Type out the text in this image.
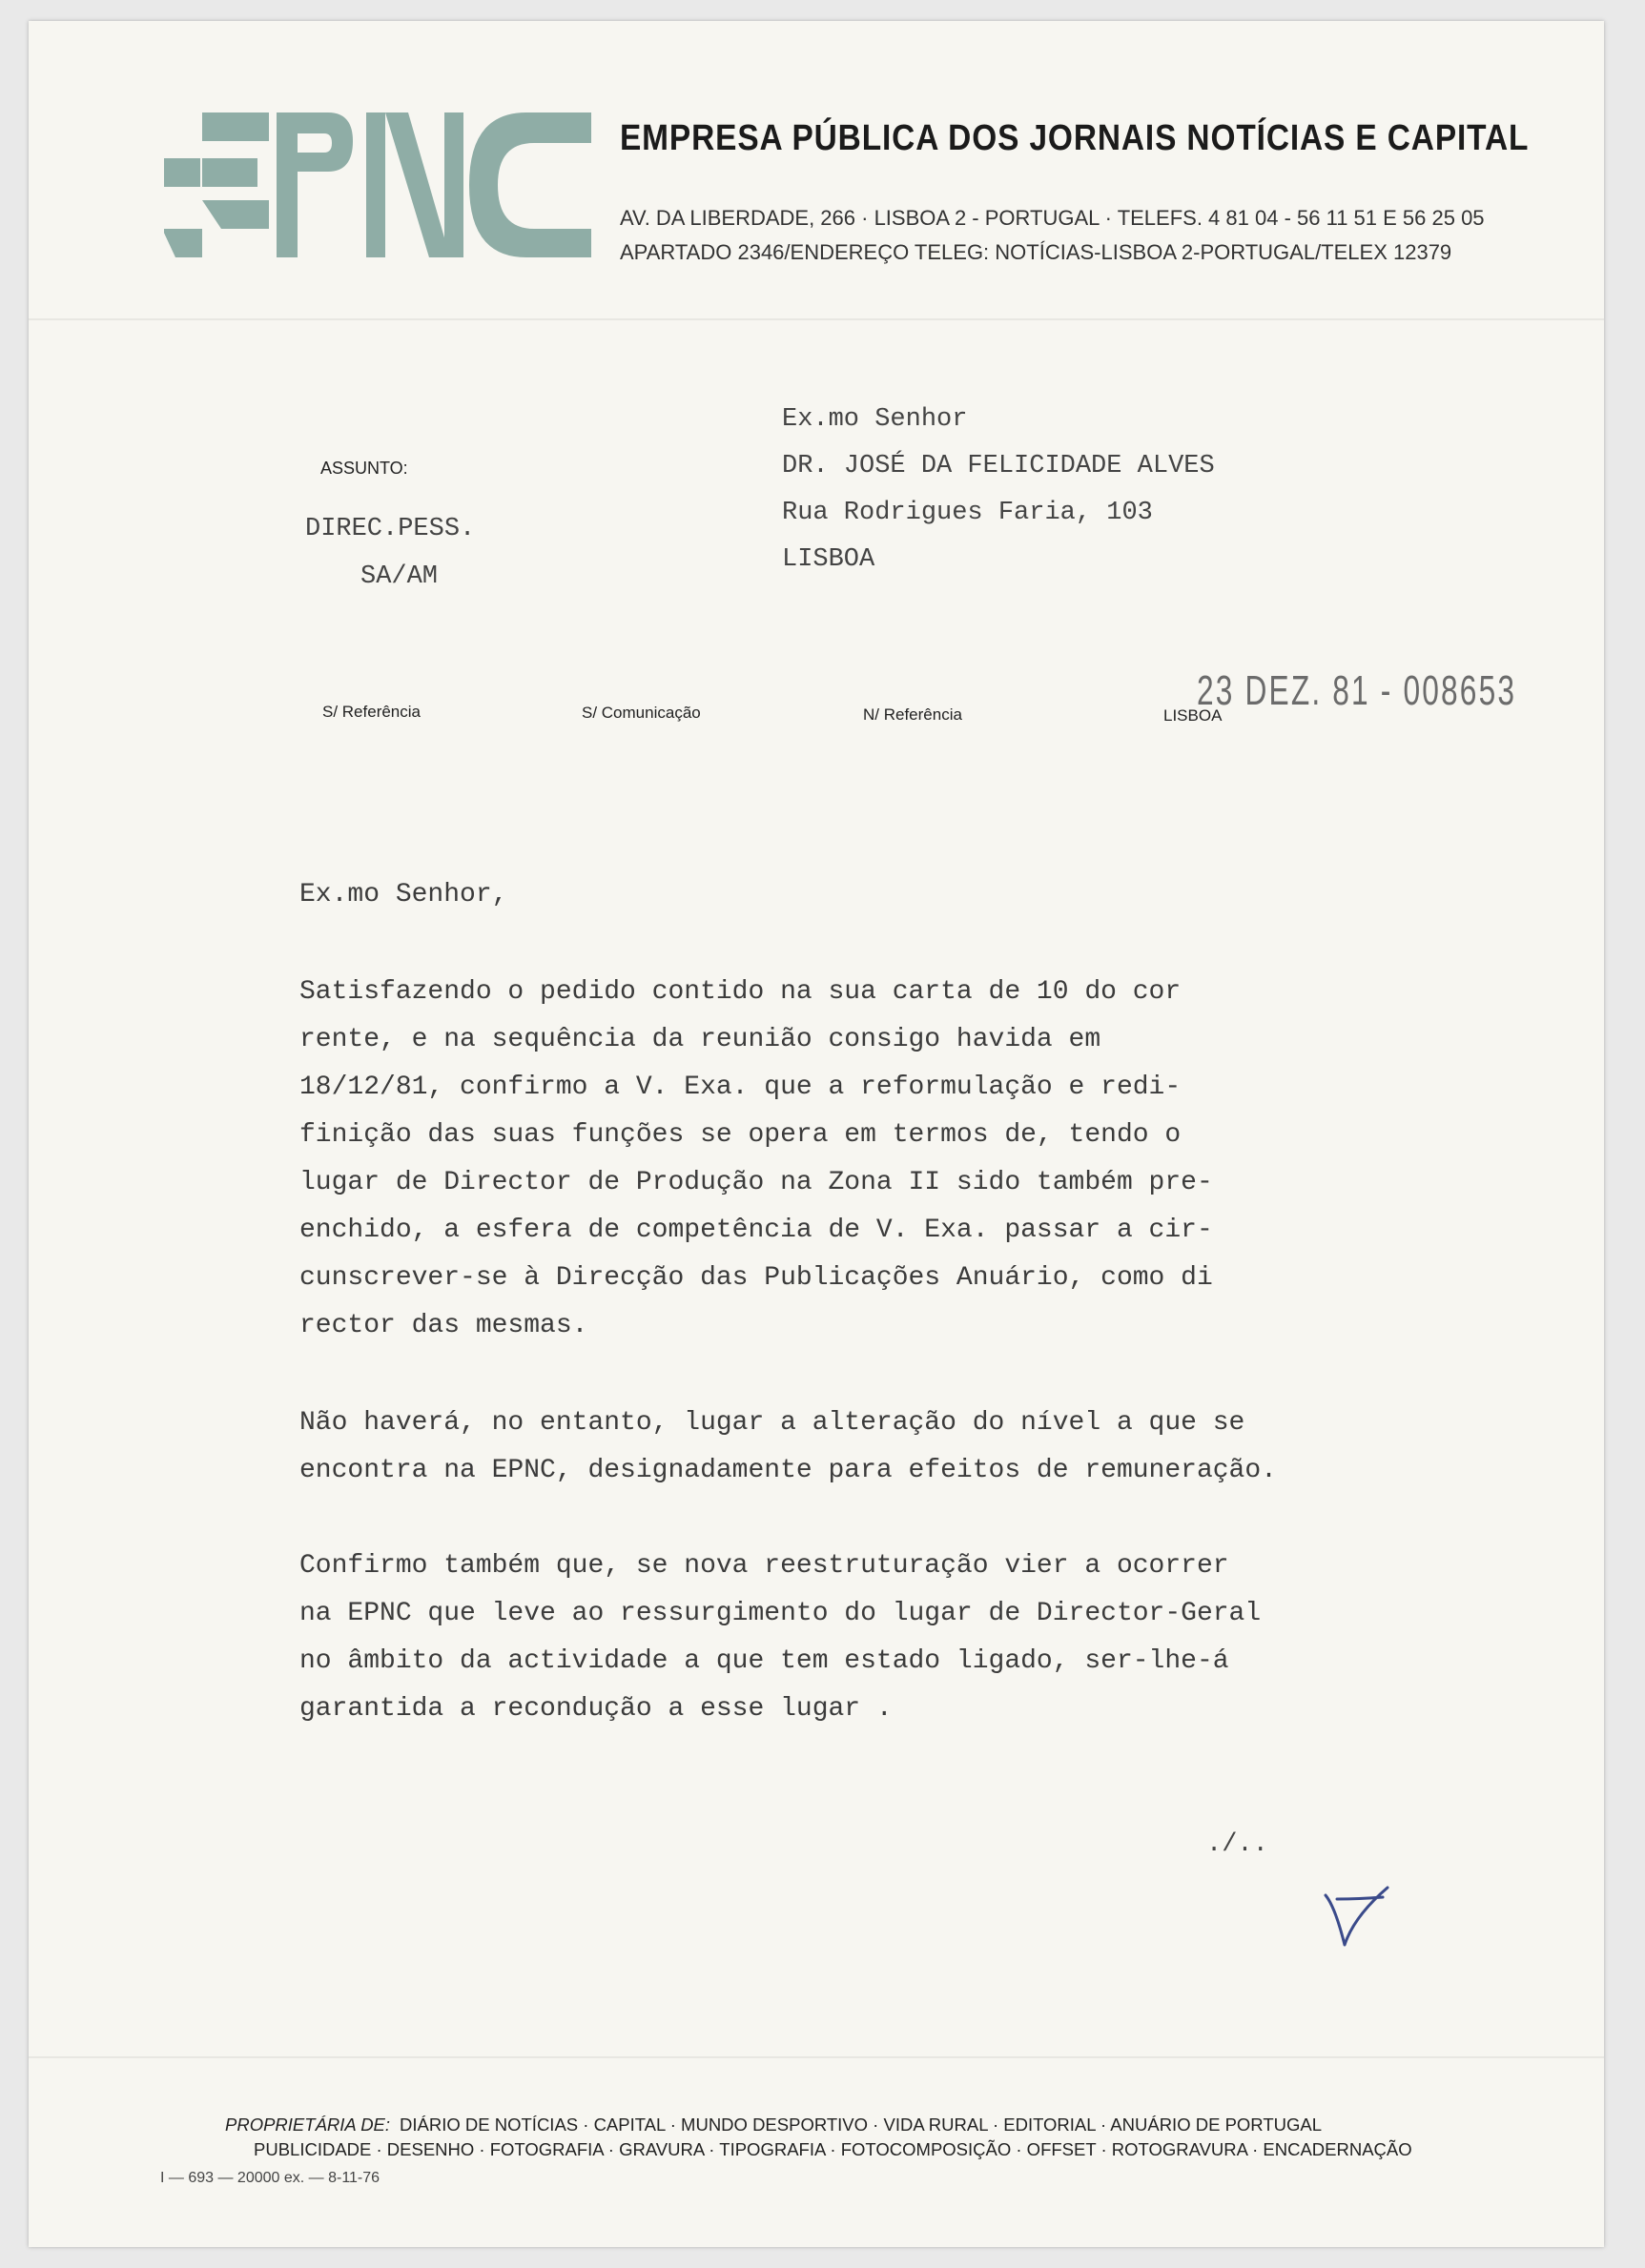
EMPRESA PÚBLICA DOS JORNAIS NOTÍCIAS E CAPITAL
AV. DA LIBERDADE, 266 · LISBOA 2 - PORTUGAL · TELEFS. 4 81 04 - 56 11 51 E 56 25 05
APARTADO 2346/ENDEREÇO TELEG: NOTÍCIAS-LISBOA 2-PORTUGAL/TELEX 12379
ASSUNTO:
DIREC.PESS.
SA/AM
Ex.mo Senhor
DR. JOSÉ DA FELICIDADE ALVES
Rua Rodrigues Faria, 103
LISBOA
S/ Referência	S/ Comunicação	N/ Referência	LISBOA
23 DEZ. 81 - 008653

Ex.mo Senhor,

Satisfazendo o pedido contido na sua carta de 10 do cor

rente, e na sequência da reunião consigo havida em

18/12/81, confirmo a V. Exa. que a reformulação e redi-

finição das suas funções se opera em termos de, tendo o

lugar de Director de Produção na Zona II sido também pre-

enchido, a esfera de competência de V. Exa. passar a cir-

cunscrever-se à Direcção das Publicações Anuário, como di

rector das mesmas.

Não haverá, no entanto, lugar a alteração do nível a que se

encontra na EPNC, designadamente para efeitos de remuneração.

Confirmo também que, se nova reestruturação vier a ocorrer

na EPNC que leve ao ressurgimento do lugar de Director-Geral

no âmbito da actividade a que tem estado ligado, ser-lhe-á

garantida a recondução a esse lugar .

./..
PROPRIETÁRIA DE: DIÁRIO DE NOTÍCIAS · CAPITAL · MUNDO DESPORTIVO · VIDA RURAL · EDITORIAL · ANUÁRIO DE PORTUGAL
PUBLICIDADE · DESENHO · FOTOGRAFIA · GRAVURA · TIPOGRAFIA · FOTOCOMPOSIÇÃO · OFFSET · ROTOGRAVURA · ENCADERNAÇÃO
I — 693 — 20000 ex. — 8-11-76
